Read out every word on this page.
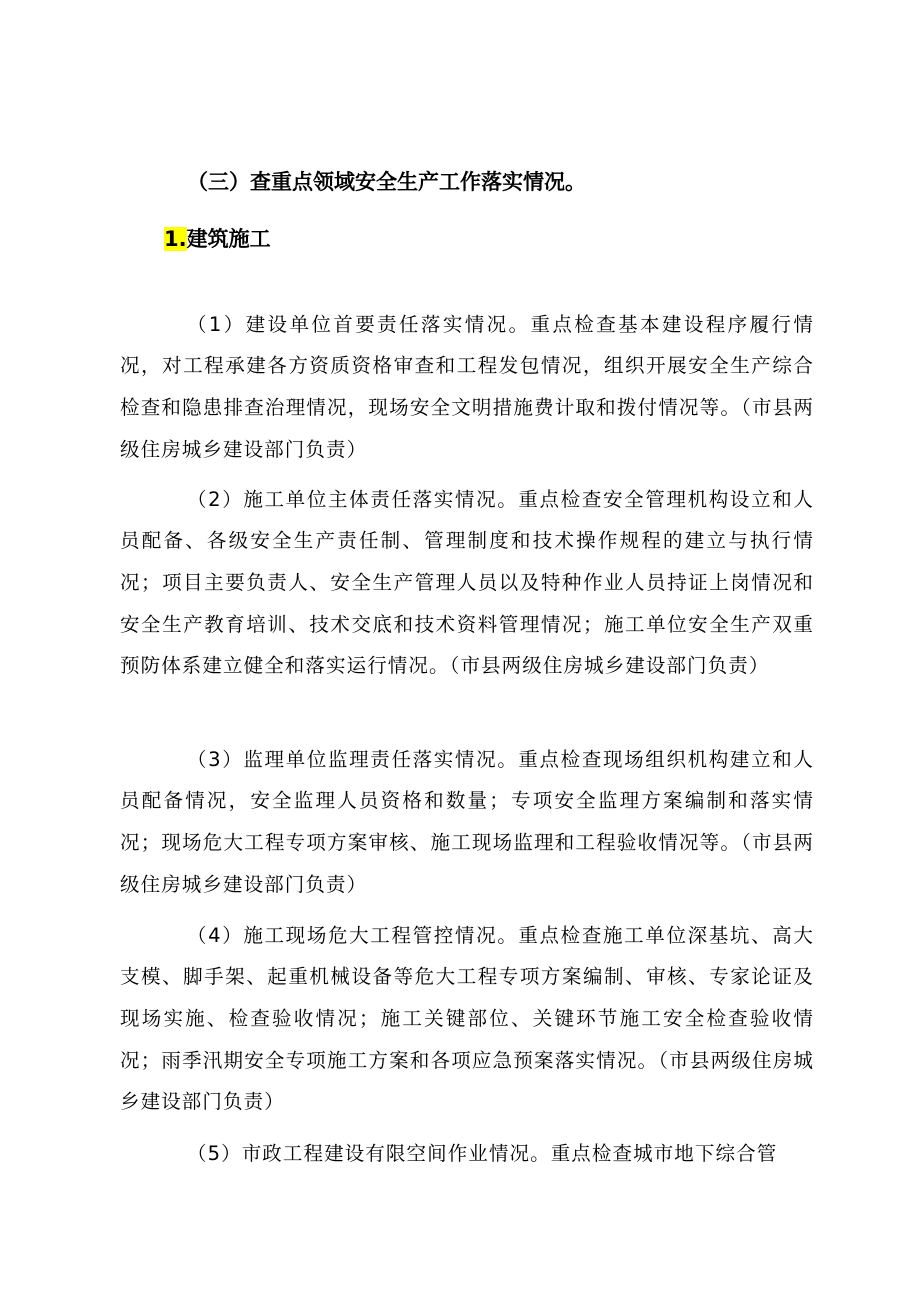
（三）查重点领域安全生产工作落实情况。
1.建筑施工

（1）建设单位首要责任落实情况。重点检查基本建设程序履行情况，对工程承建各方资质资格审查和工程发包情况，组织开展安全生产综合检查和隐患排查治理情况，现场安全文明措施费计取和拨付情况等。（市县两级住房城乡建设部门负责）

（2）施工单位主体责任落实情况。重点检查安全管理机构设立和人员配备、各级安全生产责任制、管理制度和技术操作规程的建立与执行情况；项目主要负责人、安全生产管理人员以及特种作业人员持证上岗情况和安全生产教育培训、技术交底和技术资料管理情况；施工单位安全生产双重预防体系建立健全和落实运行情况。（市县两级住房城乡建设部门负责）

（3）监理单位监理责任落实情况。重点检查现场组织机构建立和人员配备情况，安全监理人员资格和数量；专项安全监理方案编制和落实情况；现场危大工程专项方案审核、施工现场监理和工程验收情况等。（市县两级住房城乡建设部门负责）

（4）施工现场危大工程管控情况。重点检查施工单位深基坑、高大支模、脚手架、起重机械设备等危大工程专项方案编制、审核、专家论证及现场实施、检查验收情况；施工关键部位、关键环节施工安全检查验收情况；雨季汛期安全专项施工方案和各项应急预案落实情况。（市县两级住房城乡建设部门负责）

（5）市政工程建设有限空间作业情况。重点检查城市地下综合管
